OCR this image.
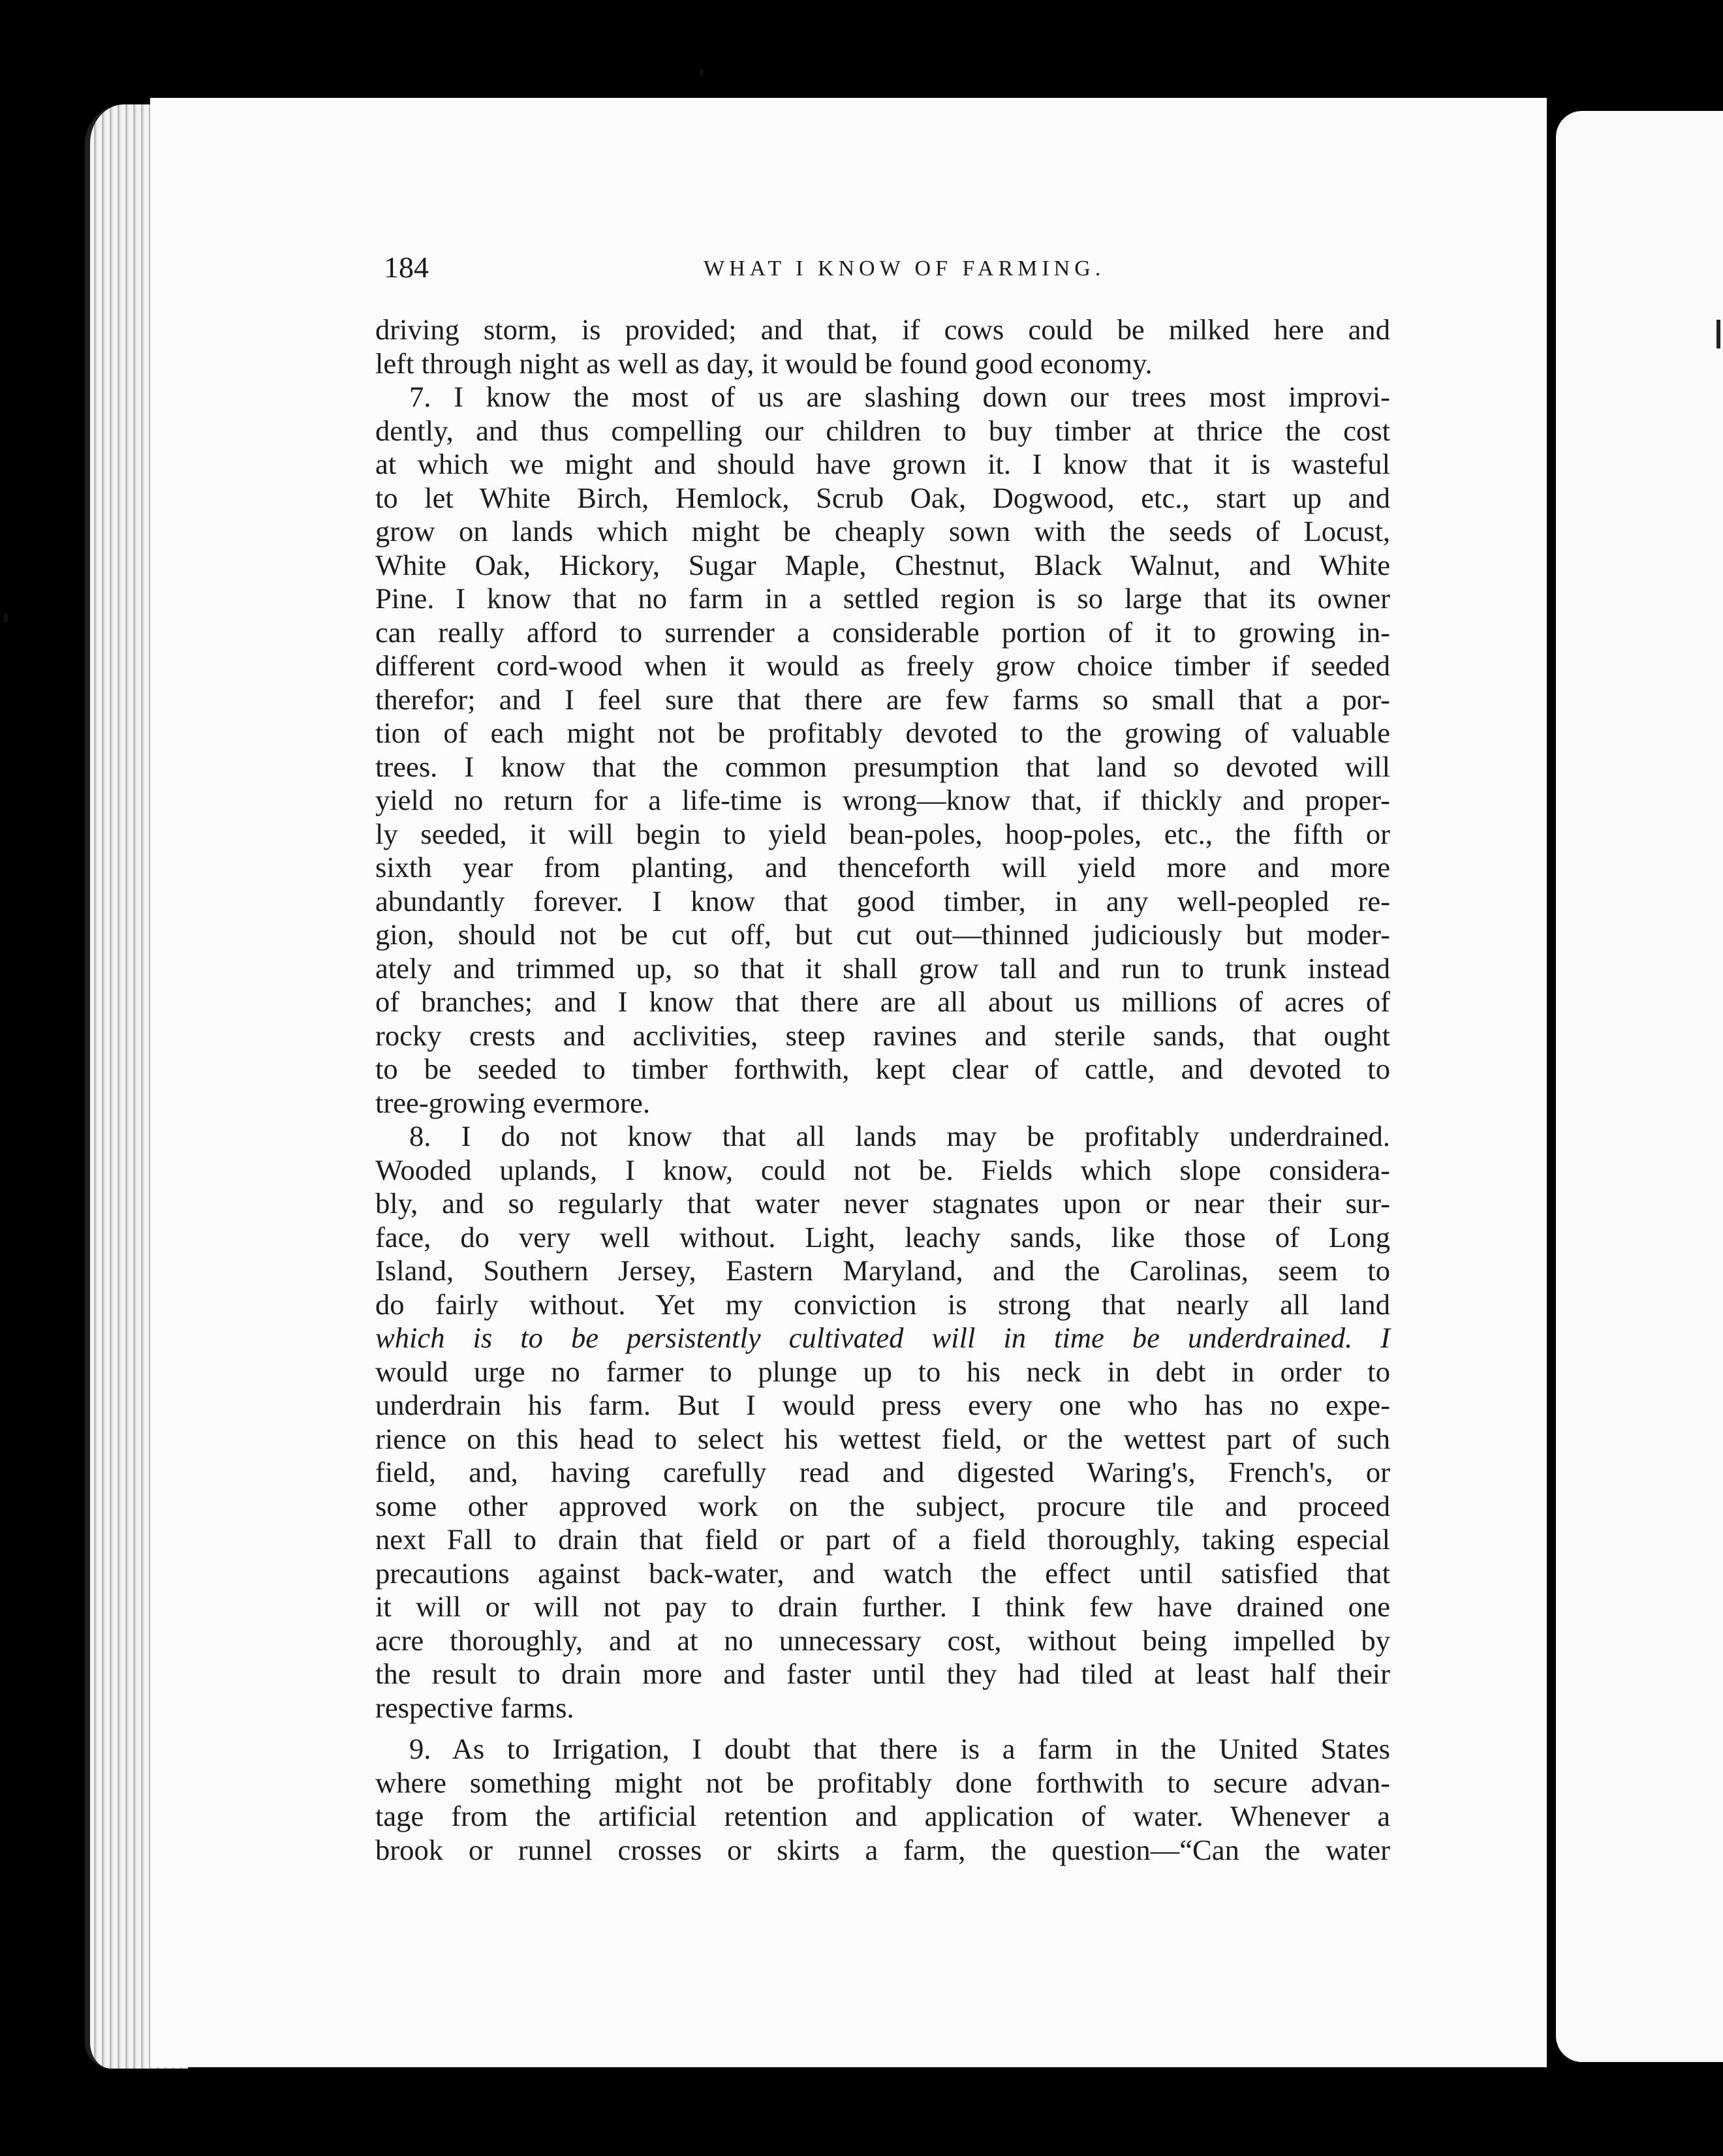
184	WHAT I KNOW OF FARMING.
driving storm, is provided; and that, if cows could be milked here and
left through night as well as day, it would be found good economy.
7. I know the most of us are slashing down our trees most improvi-
dently, and thus compelling our children to buy timber at thrice the cost
at which we might and should have grown it. I know that it is wasteful
to let White Birch, Hemlock, Scrub Oak, Dogwood, etc., start up and
grow on lands which might be cheaply sown with the seeds of Locust,
White Oak, Hickory, Sugar Maple, Chestnut, Black Walnut, and White
Pine. I know that no farm in a settled region is so large that its owner
can really afford to surrender a considerable portion of it to growing in-
different cord-wood when it would as freely grow choice timber if seeded
therefor; and I feel sure that there are few farms so small that a por-
tion of each might not be profitably devoted to the growing of valuable
trees. I know that the common presumption that land so devoted will
yield no return for a life-time is wrong—know that, if thickly and proper-
ly seeded, it will begin to yield bean-poles, hoop-poles, etc., the fifth or
sixth year from planting, and thenceforth will yield more and more
abundantly forever. I know that good timber, in any well-peopled re-
gion, should not be cut off, but cut out—thinned judiciously but moder-
ately and trimmed up, so that it shall grow tall and run to trunk instead
of branches; and I know that there are all about us millions of acres of
rocky crests and acclivities, steep ravines and sterile sands, that ought
to be seeded to timber forthwith, kept clear of cattle, and devoted to
tree-growing evermore.
8. I do not know that all lands may be profitably underdrained.
Wooded uplands, I know, could not be. Fields which slope considera-
bly, and so regularly that water never stagnates upon or near their sur-
face, do very well without. Light, leachy sands, like those of Long
Island, Southern Jersey, Eastern Maryland, and the Carolinas, seem to
do fairly without. Yet my conviction is strong that nearly all land
which is to be persistently cultivated will in time be underdrained. I
would urge no farmer to plunge up to his neck in debt in order to
underdrain his farm. But I would press every one who has no expe-
rience on this head to select his wettest field, or the wettest part of such
field, and, having carefully read and digested Waring's, French's, or
some other approved work on the subject, procure tile and proceed
next Fall to drain that field or part of a field thoroughly, taking especial
precautions against back-water, and watch the effect until satisfied that
it will or will not pay to drain further. I think few have drained one
acre thoroughly, and at no unnecessary cost, without being impelled by
the result to drain more and faster until they had tiled at least half their
respective farms.
9. As to Irrigation, I doubt that there is a farm in the United States
where something might not be profitably done forthwith to secure advan-
tage from the artificial retention and application of water. Whenever a
brook or runnel crosses or skirts a farm, the question—“Can the water
